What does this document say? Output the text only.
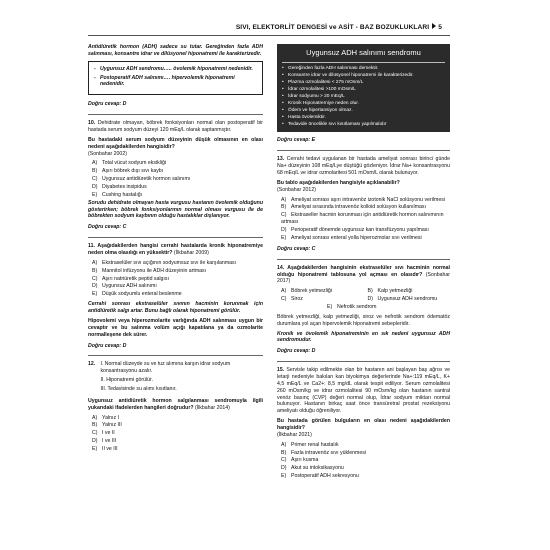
SIVI, ELEKTORLİT DENGESİ ve ASİT - BAZ BOZUKLUKLARI 5

Antidiüretik hormon (ADH) sadece su tutar. Gereğinden fazla ADH salınması, konsantre idrar ve dilüsyonel hiponatremi ile karakterizedir.

- Uygunsuz ADH sendromu….. övolemik hiponatremi nedenidir.
- Postoperatif ADH salınımı…. hipervolemik hiponatremi nedenidir.
Doğru cevap: D

10. Dehidrate olmayan, böbrek fonksiyonları normal olan postoperatif bir hastada serum sodyum düzeyi 120 mEq/L olarak saptanmıştır.

Bu hastadaki serum sodyum düzeyinin düşük olmasının en olası nedeni aşağıdakilerden hangisidir?
(Sonbahar 2002)

A) Total vücut sodyum eksikliği
B) Aşırı böbrek dışı sıvı kaybı
C) Uygunsuz antidiüretik hormon salınımı
D) Diyabetes insipidus
E) Cushing hastalığı

Sorudu dehidrate olmayan hasta vurgusu hastanın övolemik olduğunu gösterirken; böbrek fonksiyonlarının normal olması vurgusu ile de böbrekten sodyum kaybının olduğu hastalıklar dışlanıyor.

Doğru cevap: C

11. Aşağıdakilerden hangisi cerrahi hastalarda kronik hiponatremiye neden olma olasılığı en yüksektir? (İlkbahar 2009)

A) Ekstraselüler sıvı açığının sodyumsuz sıvı ile karşılanması
B) Mannitol infüzyonu ile ADH düzeyinin artması
C) Aşırı natriüretik peptid salgısı
D) Uygunsuz ADH salınımı
E) Düşük sodyumlu enteral beslenme

Cerrahi sonrası ekstraselüler sıvının hacminin korunmak için antidiüretik salgı artar. Bunu bağlı olarak hiponatremi görülür.

Hipovolemi veya hiperozmolarite varlığında ADH salınması uygun bir cevaptır ve bu salınma volüm açığı kapatılana ya da ozmolarite normalleşene dek sürer.

Doğru cevap: D
12.	I. Normal düzeyde su ve tuz alımına karşın idrar sodyum konsantrasyonu azalır.
II. Hiponatremi görülür.
III. Tedavisinde su alımı kısıtlanır.

Uygunsuz antidiüretik hormon salgılanması sendromuyla ilgili yukarıdaki ifadelerden hangileri doğrudur? (İlkbahar 2014)

A) Yalnız I
B) Yalnız III
C) I ve II
D) I ve III
E) II ve III
Uygunsuz ADH salınımı sendromu
• Gereğinden fazla ADH salınması demektir.
• Konsantre idrar ve dilüsyonel hiponatremi ile karakterizedir.
• Plazma ozmolalitesi < 275 mOsm/L
• İdrar ozmolalitesi >100 mOsm/L
• İdrar sodyumu > 20 mEq/L
• Kronik Hiponatremiye neden olur.
• Ödem ve hipertansiyon olmaz.
• Hasta övolemiktir.
• Tedavide öncelikle sıvı kısıtlaması yapılmalıdır
Doğru cevap: E

13. Cerrahi tedavi uygulanan bir hastada ameliyat sonrası birinci günde Na+ düzeyinin 108 mEq/Lye düştüğü gözleniyor. İdrar Na+ konsantrasyonu 68 mEq/L ve idrar ozmolaritesi 501 mOsm/L olarak bulunuyor.

Bu tablo aşağıdakilerden hangisiyle açıklanabilir?
(Sonbahar 2012)

A) Ameliyat sonrası aşırı intravenöz izotonik NaCl solüsyonu verilmesi
B) Ameliyat sırasında intravenöz kolloid solüsyon kullanılması
C) Ekstraseller hacmin korunması için antidiüretik hormon salınımının artması
D) Perioperatif dönemde uygunsuz kan transfüzyonu yapılması
E) Ameliyat sonrası enteral yolla hiperozmolar sıvı verilmesi
Doğru cevap: C

14. Aşağıdakilerden hangisinin ekstraselüler sıvı hacminin normal olduğu hiponatremi tablosuna yol açması en olasıdır? (Sonbahar 2017)

A) Böbrek yetmezliği	B) Kalp yetmezliği
C) Siroz	D) Uygunsuz ADH sendromu
E) Nefrotik sendrom

Böbrek yetmezliği, kalp yetmezliği, siroz ve nefrotik sendrom ödematöz durumlara yol açan hipervolemik hiponatremi sebepleridir.

Kronik ve övolemik hiponatreminin en sık nedeni uygunsuz ADH sendromudur.

Doğru cevap: D

15. Servisle takip edilmekte olan bir hastanın ani başlayan baş ağrısı ve letarji nedeniyle bakılan kan biyokimya değerlerinde Na+:119 mEq/L, K+ 4,5 mEq/L ve Ca2+: 8,5 mg/dL olarak tespit ediliyor. Serum ozmolalitesi 260 mOsm/kg ve idrar ozmolalitesi 90 mOsm/kg olan hastanın santral venöz basınç (CVP) değeri normal olup, İdrar sodyum miktarı normal bulunuyor. Hastanın birkaç saat önce transüretral prostat rezeksiyonu ameliyatı olduğu öğreniliyor.

Bu hastada görülen bulguların en olası nedeni aşağıdakilerden hangisidir?
(İlkbahar 2021)

A) Primer renal hastalık
B) Fazla intravenöz sıvı yüklenmesi
C) Aşırı kusma
D) Akut su intoksikasyonu
E) Postoperatif ADH sekresyonu
